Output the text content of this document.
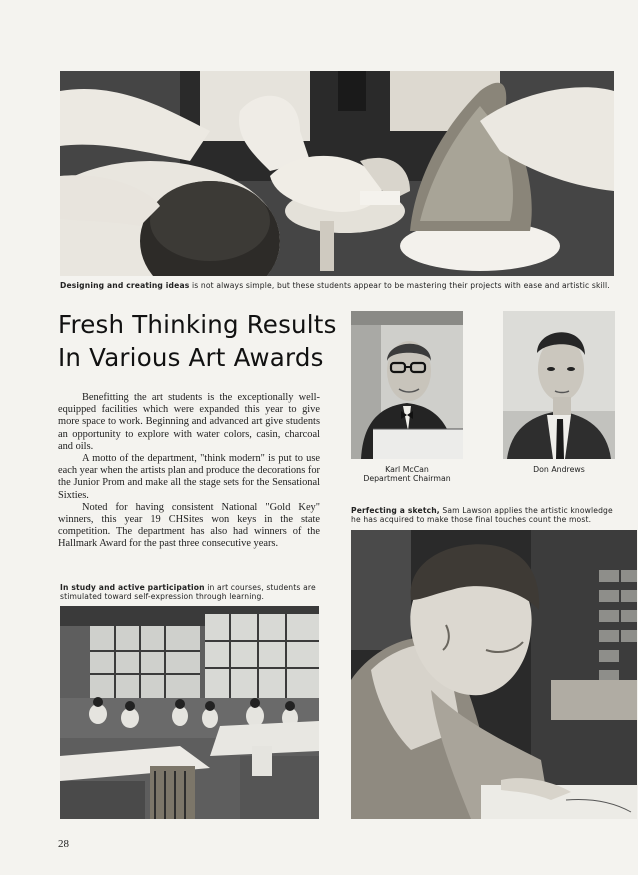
Designing and creating ideas is not always simple, but these students appear to be mastering their projects with ease and artistic skill.
Fresh Thinking Results
In Various Art Awards

Benefitting the art students is the exceptionally well-equipped facilities which were expanded this year to give more space to work. Beginning and advanced art give students an opportunity to explore with water colors, casin, charcoal and oils.

A motto of the department, "think modern" is put to use each year when the artists plan and produce the decorations for the Junior Prom and make all the stage sets for the Sensational Sixties.

Noted for having consistent National "Gold Key" winners, this year 19 CHSites won keys in the state competition. The department has also had winners of the Hallmark Award for the past three consecutive years.

In study and active participation in art courses, students are stimulated toward self-expression through learning.
Karl McCan
Department Chairman
Don Andrews
Perfecting a sketch, Sam Lawson applies the artistic knowledge he has acquired to make those final touches count the most.
28
